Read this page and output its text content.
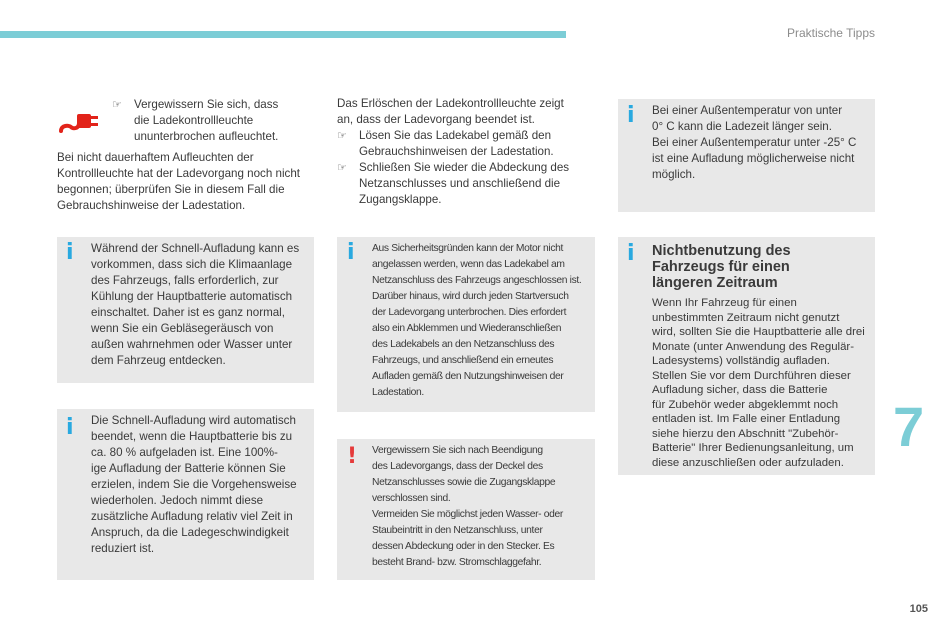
Praktische Tipps
☞	Vergewissern Sie sich, dass
die Ladekontrollleuchte
ununterbrochen aufleuchtet.
Bei nicht dauerhaftem Aufleuchten der
Kontrollleuchte hat der Ladevorgang noch nicht
begonnen; überprüfen Sie in diesem Fall die
Gebrauchshinweise der Ladestation.
i Während der Schnell-Aufladung kann es
vorkommen, dass sich die Klimaanlage
des Fahrzeugs, falls erforderlich, zur
Kühlung der Hauptbatterie automatisch
einschaltet. Daher ist es ganz normal,
wenn Sie ein Gebläsegeräusch von
außen wahrnehmen oder Wasser unter
dem Fahrzeug entdecken.
i Die Schnell-Aufladung wird automatisch
beendet, wenn die Hauptbatterie bis zu
ca. 80 % aufgeladen ist. Eine 100%-
ige Aufladung der Batterie können Sie
erzielen, indem Sie die Vorgehensweise
wiederholen. Jedoch nimmt diese
zusätzliche Aufladung relativ viel Zeit in
Anspruch, da die Ladegeschwindigkeit
reduziert ist.
Das Erlöschen der Ladekontrollleuchte zeigt
an, dass der Ladevorgang beendet ist.
☞	Lösen Sie das Ladekabel gemäß den
Gebrauchshinweisen der Ladestation.
☞	Schließen Sie wieder die Abdeckung des
Netzanschlusses und anschließend die
Zugangsklappe.
i Aus Sicherheitsgründen kann der Motor nicht
angelassen werden, wenn das Ladekabel am
Netzanschluss des Fahrzeugs angeschlossen ist.
Darüber hinaus, wird durch jeden Startversuch
der Ladevorgang unterbrochen. Dies erfordert
also ein Abklemmen und Wiederanschließen
des Ladekabels an den Netzanschluss des
Fahrzeugs, und anschließend ein erneutes
Aufladen gemäß den Nutzungshinweisen der
Ladestation.
! Vergewissern Sie sich nach Beendigung
des Ladevorgangs, dass der Deckel des
Netzanschlusses sowie die Zugangsklappe
verschlossen sind.
Vermeiden Sie möglichst jeden Wasser- oder
Staubeintritt in den Netzanschluss, unter
dessen Abdeckung oder in den Stecker. Es
besteht Brand- bzw. Stromschlaggefahr.
i Bei einer Außentemperatur von unter
0° C kann die Ladezeit länger sein.
Bei einer Außentemperatur unter -25° C
ist eine Aufladung möglicherweise nicht
möglich.
i Nichtbenutzung des
Fahrzeugs für einen
längeren Zeitraum
Wenn Ihr Fahrzeug für einen
unbestimmten Zeitraum nicht genutzt
wird, sollten Sie die Hauptbatterie alle drei
Monate (unter Anwendung des Regulär-
Ladesystems) vollständig aufladen.
Stellen Sie vor dem Durchführen dieser
Aufladung sicher, dass die Batterie
für Zubehör weder abgeklemmt noch
entladen ist. Im Falle einer Entladung
siehe hierzu den Abschnitt "Zubehör-
Batterie" Ihrer Bedienungsanleitung, um
diese anzuschließen oder aufzuladen.
7
105
